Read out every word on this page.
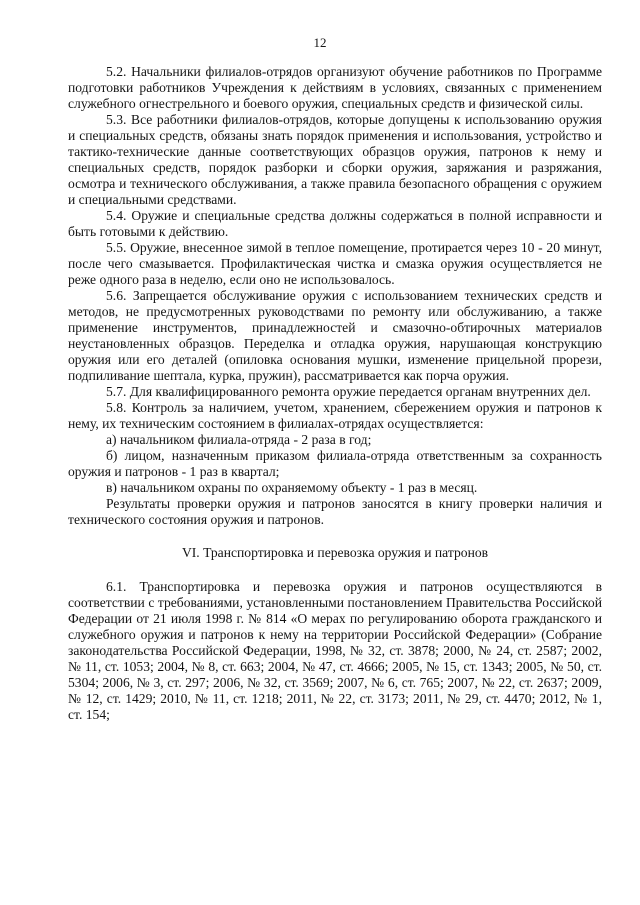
12

5.2. Начальники филиалов-отрядов организуют обучение работников по Программе подготовки работников Учреждения к действиям в условиях, связанных с применением служебного огнестрельного и боевого оружия, специальных средств и физической силы.

5.3. Все работники филиалов-отрядов, которые допущены к использованию оружия и специальных средств, обязаны знать порядок применения и использования, устройство и тактико-технические данные соответствующих образцов оружия, патронов к нему и специальных средств, порядок разборки и сборки оружия, заряжания и разряжания, осмотра и технического обслуживания, а также правила безопасного обращения с оружием и специальными средствами.

5.4. Оружие и специальные средства должны содержаться в полной исправности и быть готовыми к действию.

5.5. Оружие, внесенное зимой в теплое помещение, протирается через 10 - 20 минут, после чего смазывается. Профилактическая чистка и смазка оружия осуществляется не реже одного раза в неделю, если оно не использовалось.

5.6. Запрещается обслуживание оружия с использованием технических средств и методов, не предусмотренных руководствами по ремонту или обслуживанию, а также применение инструментов, принадлежностей и смазочно-обтирочных материалов неустановленных образцов. Переделка и отладка оружия, нарушающая конструкцию оружия или его деталей (опиловка основания мушки, изменение прицельной прорези, подпиливание шептала, курка, пружин), рассматривается как порча оружия.

5.7. Для квалифицированного ремонта оружие передается органам внутренних дел.

5.8. Контроль за наличием, учетом, хранением, сбережением оружия и патронов к нему, их техническим состоянием в филиалах-отрядах осуществляется:

а) начальником филиала-отряда - 2 раза в год;

б) лицом, назначенным приказом филиала-отряда ответственным за сохранность оружия и патронов - 1 раз в квартал;

в) начальником охраны по охраняемому объекту - 1 раз в месяц.

Результаты проверки оружия и патронов заносятся в книгу проверки наличия и технического состояния оружия и патронов.

VI. Транспортировка и перевозка оружия и патронов

6.1. Транспортировка и перевозка оружия и патронов осуществляются в соответствии с требованиями, установленными постановлением Правительства Российской Федерации от 21 июля 1998 г. № 814 «О мерах по регулированию оборота гражданского и служебного оружия и патронов к нему на территории Российской Федерации» (Собрание законодательства Российской Федерации, 1998, № 32, ст. 3878; 2000, № 24, ст. 2587; 2002, № 11, ст. 1053; 2004, № 8, ст. 663; 2004, № 47, ст. 4666; 2005, № 15, ст. 1343; 2005, № 50, ст. 5304; 2006, № 3, ст. 297; 2006, № 32, ст. 3569; 2007, № 6, ст. 765; 2007, № 22, ст. 2637; 2009, № 12, ст. 1429; 2010, № 11, ст. 1218; 2011, № 22, ст. 3173; 2011, № 29, ст. 4470; 2012, № 1, ст. 154;
